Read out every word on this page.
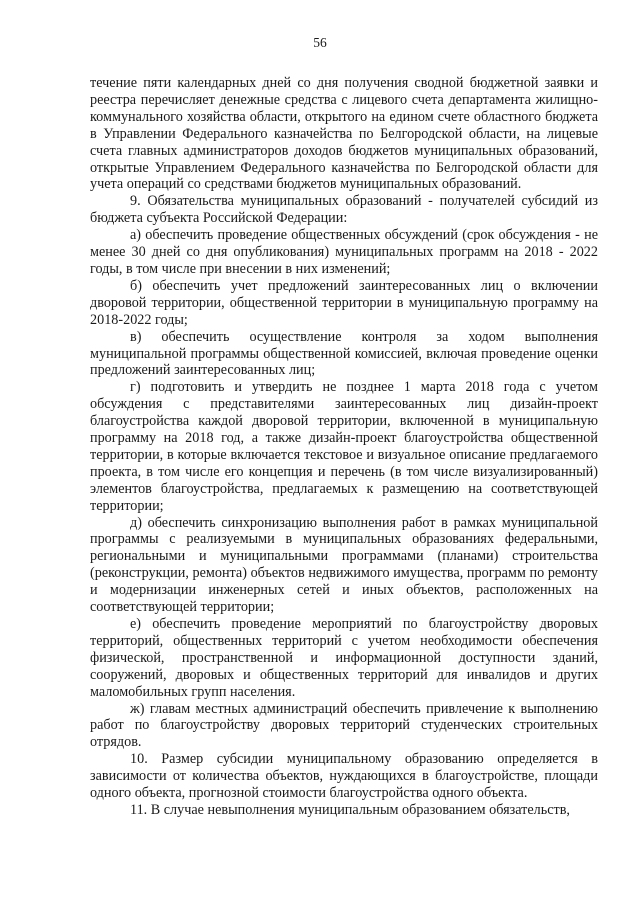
56

течение пяти календарных дней со дня получения сводной бюджетной заявки и реестра перечисляет денежные средства с лицевого счета департамента жилищно-коммунального хозяйства области, открытого на едином счете областного бюджета в Управлении Федерального казначейства по Белгородской области, на лицевые счета главных администраторов доходов бюджетов муниципальных образований, открытые Управлением Федерального казначейства по Белгородской области для учета операций со средствами бюджетов муниципальных образований.

9. Обязательства муниципальных образований - получателей субсидий из бюджета субъекта Российской Федерации:

а) обеспечить проведение общественных обсуждений (срок обсуждения - не менее 30 дней со дня опубликования) муниципальных программ на 2018 - 2022 годы, в том числе при внесении в них изменений;

б) обеспечить учет предложений заинтересованных лиц о включении дворовой территории, общественной территории в муниципальную программу на 2018-2022 годы;

в) обеспечить осуществление контроля за ходом выполнения муниципальной программы общественной комиссией, включая проведение оценки предложений заинтересованных лиц;

г) подготовить и утвердить не позднее 1 марта 2018 года с учетом обсуждения с представителями заинтересованных лиц дизайн-проект благоустройства каждой дворовой территории, включенной в муниципальную программу на 2018 год, а также дизайн-проект благоустройства общественной территории, в которые включается текстовое и визуальное описание предлагаемого проекта, в том числе его концепция и перечень (в том числе визуализированный) элементов благоустройства, предлагаемых к размещению на соответствующей территории;

д) обеспечить синхронизацию выполнения работ в рамках муниципальной программы с реализуемыми в муниципальных образованиях федеральными, региональными и муниципальными программами (планами) строительства (реконструкции, ремонта) объектов недвижимого имущества, программ по ремонту и модернизации инженерных сетей и иных объектов, расположенных на соответствующей территории;

е) обеспечить проведение мероприятий по благоустройству дворовых территорий, общественных территорий с учетом необходимости обеспечения физической, пространственной и информационной доступности зданий, сооружений, дворовых и общественных территорий для инвалидов и других маломобильных групп населения.

ж) главам местных администраций обеспечить привлечение к выполнению работ по благоустройству дворовых территорий студенческих строительных отрядов.

10. Размер субсидии муниципальному образованию определяется в зависимости от количества объектов, нуждающихся в благоустройстве, площади одного объекта, прогнозной стоимости благоустройства одного объекта.

11. В случае невыполнения муниципальным образованием обязательств,
